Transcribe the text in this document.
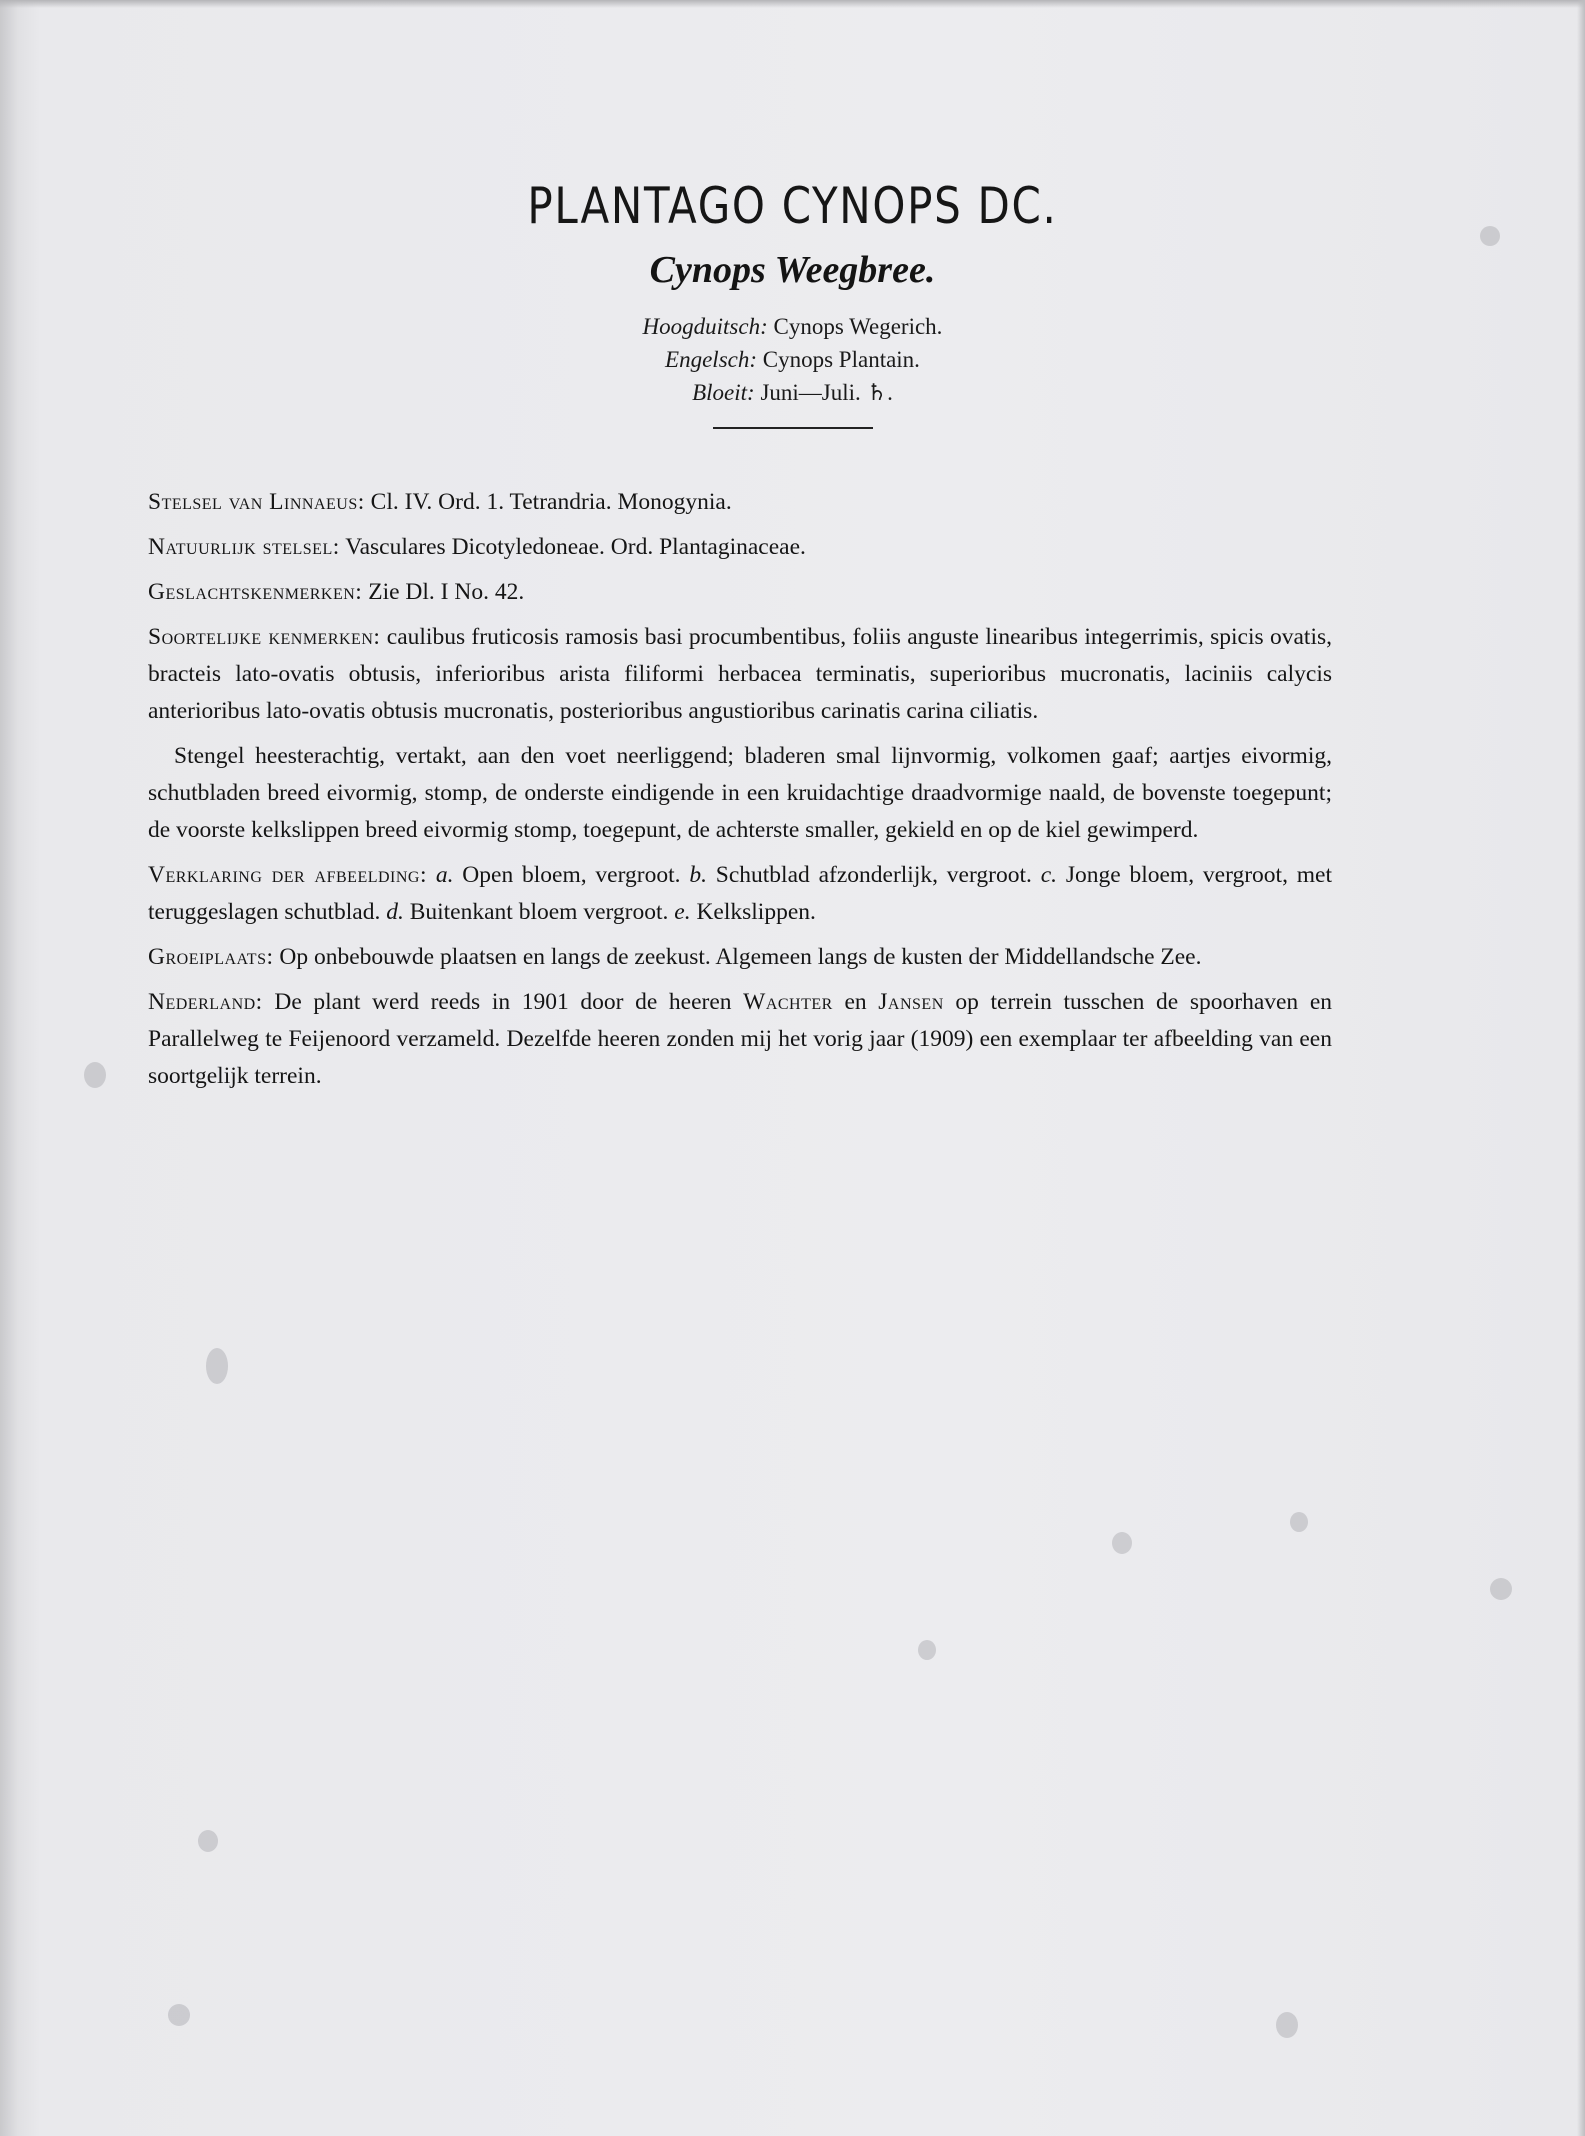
PLANTAGO CYNOPS DC.
Cynops Weegbree.
Hoogduitsch: Cynops Wegerich.
Engelsch: Cynops Plantain.
Bloeit: Juni—Juli. ♄.

Stelsel van Linnaeus: Cl. IV. Ord. 1. Tetrandria. Monogynia.

Natuurlijk stelsel: Vasculares Dicotyledoneae. Ord. Plantaginaceae.

Geslachtskenmerken: Zie Dl. I No. 42.

Soortelijke kenmerken: caulibus fruticosis ramosis basi procumbentibus, foliis anguste linearibus integerrimis, spicis ovatis, bracteis lato-ovatis obtusis, inferioribus arista filiformi herbacea terminatis, superioribus mucronatis, laciniis calycis anterioribus lato-ovatis obtusis mucronatis, posterioribus angustioribus carinatis carina ciliatis.

Stengel heesterachtig, vertakt, aan den voet neerliggend; bladeren smal lijnvormig, volkomen gaaf; aartjes eivormig, schutbladen breed eivormig, stomp, de onderste eindigende in een kruidachtige draadvormige naald, de bovenste toegepunt; de voorste kelkslippen breed eivormig stomp, toegepunt, de achterste smaller, gekield en op de kiel gewimperd.

Verklaring der afbeelding: a. Open bloem, vergroot. b. Schutblad afzonderlijk, vergroot. c. Jonge bloem, vergroot, met teruggeslagen schutblad. d. Buitenkant bloem vergroot. e. Kelkslippen.

Groeiplaats: Op onbebouwde plaatsen en langs de zeekust. Algemeen langs de kusten der Middellandsche Zee.

Nederland: De plant werd reeds in 1901 door de heeren Wachter en Jansen op terrein tusschen de spoorhaven en Parallelweg te Feijenoord verzameld. Dezelfde heeren zonden mij het vorig jaar (1909) een exemplaar ter afbeelding van een soortgelijk terrein.
